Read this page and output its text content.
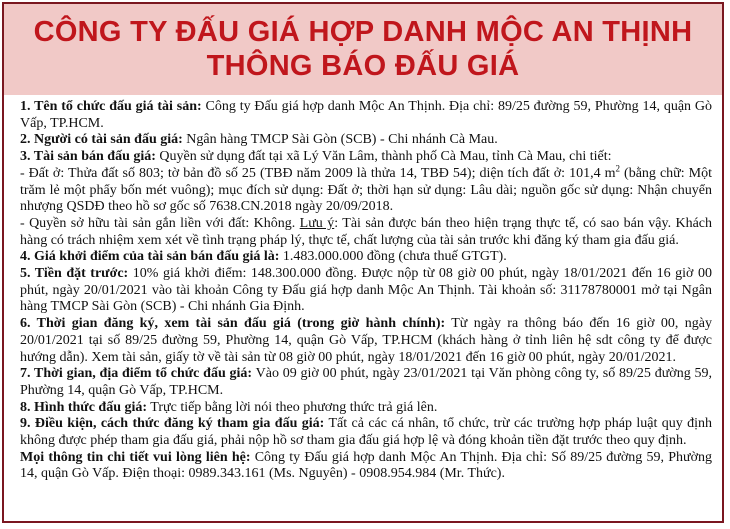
CÔNG TY ĐẤU GIÁ HỢP DANH MỘC AN THỊNH
THÔNG BÁO ĐẤU GIÁ

1. Tên tổ chức đấu giá tài sản: Công ty Đấu giá hợp danh Mộc An Thịnh. Địa chỉ: 89/25 đường 59, Phường 14, quận Gò Vấp, TP.HCM.

2. Người có tài sản đấu giá: Ngân hàng TMCP Sài Gòn (SCB) - Chi nhánh Cà Mau.

3. Tài sản bán đấu giá: Quyền sử dụng đất tại xã Lý Văn Lâm, thành phố Cà Mau, tỉnh Cà Mau, chi tiết:

- Đất ở: Thửa đất số 803; tờ bản đồ số 25 (TBĐ năm 2009 là thửa 14, TBĐ 54); diện tích đất ở: 101,4 $m^2$ (bằng chữ: Một trăm lẻ một phẩy bốn mét vuông); mục đích sử dụng: Đất ở; thời hạn sử dụng: Lâu dài; nguồn gốc sử dụng: Nhận chuyển nhượng QSDĐ theo hồ sơ gốc số 7638.CN.2018 ngày 20/09/2018.

- Quyền sở hữu tài sản gắn liền với đất: Không. Lưu ý: Tài sản được bán theo hiện trạng thực tế, có sao bán vậy. Khách hàng có trách nhiệm xem xét về tình trạng pháp lý, thực tế, chất lượng của tài sản trước khi đăng ký tham gia đấu giá.

4. Giá khởi điểm của tài sản bán đấu giá là: 1.483.000.000 đồng (chưa thuế GTGT).

5. Tiền đặt trước: 10% giá khởi điểm: 148.300.000 đồng. Được nộp từ 08 giờ 00 phút, ngày 18/01/2021 đến 16 giờ 00 phút, ngày 20/01/2021 vào tài khoản Công ty Đấu giá hợp danh Mộc An Thịnh. Tài khoản số: 31178780001 mở tại Ngân hàng TMCP Sài Gòn (SCB) - Chi nhánh Gia Định.

6. Thời gian đăng ký, xem tài sản đấu giá (trong giờ hành chính): Từ ngày ra thông báo đến 16 giờ 00, ngày 20/01/2021 tại số 89/25 đường 59, Phường 14, quận Gò Vấp, TP.HCM (khách hàng ở tỉnh liên hệ sdt công ty để được hướng dẫn). Xem tài sản, giấy tờ về tài sản từ 08 giờ 00 phút, ngày 18/01/2021 đến 16 giờ 00 phút, ngày 20/01/2021.

7. Thời gian, địa điểm tổ chức đấu giá: Vào 09 giờ 00 phút, ngày 23/01/2021 tại Văn phòng công ty, số 89/25 đường 59, Phường 14, quận Gò Vấp, TP.HCM.

8. Hình thức đấu giá: Trực tiếp bằng lời nói theo phương thức trả giá lên.

9. Điều kiện, cách thức đăng ký tham gia đấu giá: Tất cả các cá nhân, tổ chức, trừ các trường hợp pháp luật quy định không được phép tham gia đấu giá, phải nộp hồ sơ tham gia đấu giá hợp lệ và đóng khoản tiền đặt trước theo quy định.

Mọi thông tin chi tiết vui lòng liên hệ: Công ty Đấu giá hợp danh Mộc An Thịnh. Địa chỉ: Số 89/25 đường 59, Phường 14, quận Gò Vấp. Điện thoại: 0989.343.161 (Ms. Nguyên) - 0908.954.984 (Mr. Thức).
